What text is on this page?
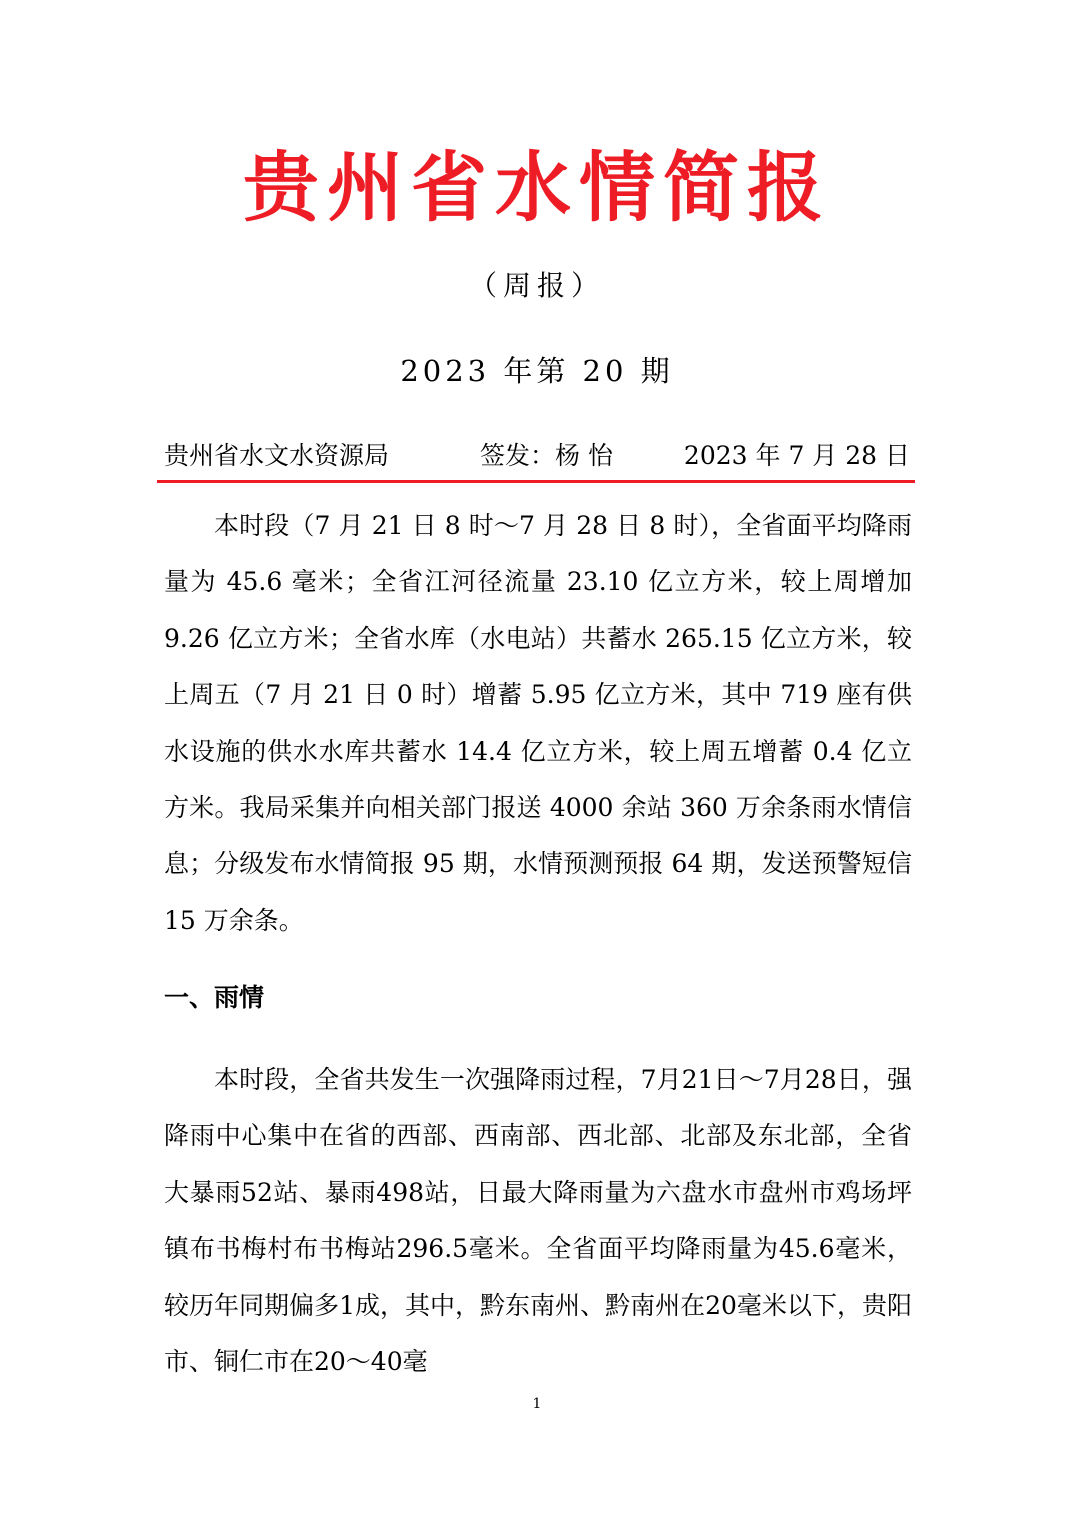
贵州省水情简报
（周报）
2023 年第 20 期
贵州省水文水资源局	签发：杨 怡	2023 年 7 月 28 日

本时段（7 月 21 日 8 时～7 月 28 日 8 时），全省面平均降雨量为 45.6 毫米；全省江河径流量 23.10 亿立方米，较上周增加 9.26 亿立方米；全省水库（水电站）共蓄水 265.15 亿立方米，较上周五（7 月 21 日 0 时）增蓄 5.95 亿立方米，其中 719 座有供水设施的供水水库共蓄水 14.4 亿立方米，较上周五增蓄 0.4 亿立方米。我局采集并向相关部门报送 4000 余站 360 万余条雨水情信息；分级发布水情简报 95 期，水情预测预报 64 期，发送预警短信 15 万余条。

一、雨情

本时段，全省共发生一次强降雨过程，7月21日～7月28日，强降雨中心集中在省的西部、西南部、西北部、北部及东北部，全省大暴雨52站、暴雨498站，日最大降雨量为六盘水市盘州市鸡场坪镇布书梅村布书梅站296.5毫米。全省面平均降雨量为45.6毫米，较历年同期偏多1成，其中，黔东南州、黔南州在20毫米以下，贵阳市、铜仁市在20～40毫

1
